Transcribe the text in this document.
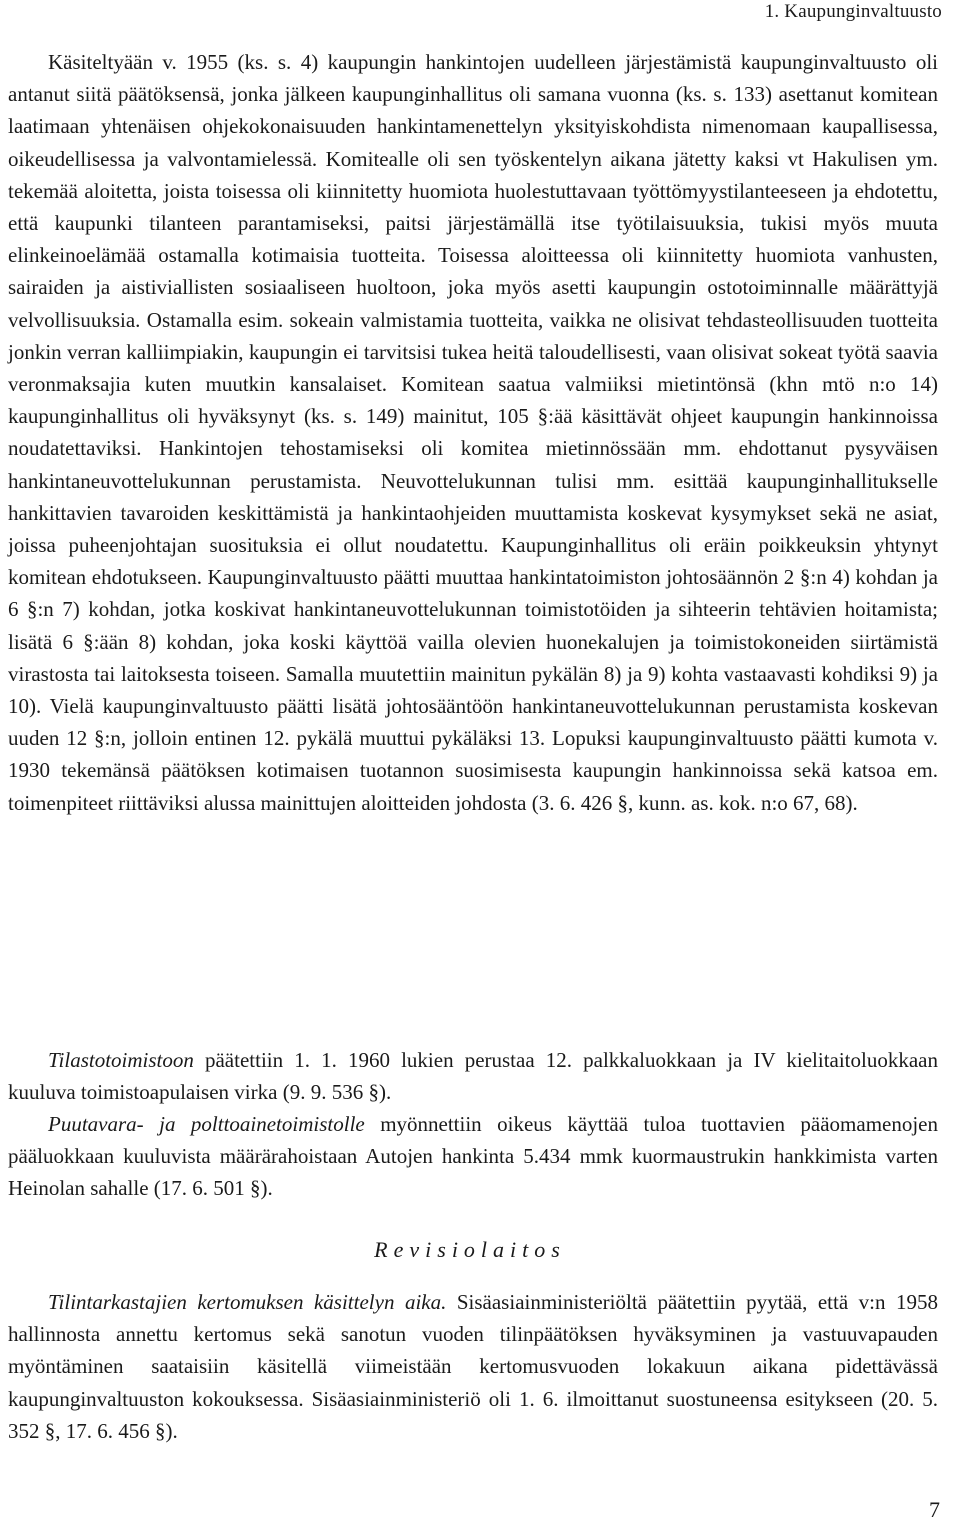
1. Kaupunginvaltuusto

Käsiteltyään v. 1955 (ks. s. 4) kaupungin hankintojen uudelleen järjestämistä kaupunginvaltuusto oli antanut siitä päätöksensä, jonka jälkeen kaupunginhallitus oli samana vuonna (ks. s. 133) asettanut komitean laatimaan yhtenäisen ohjekokonaisuuden hankintamenettelyn yksityiskohdista nimenomaan kaupallisessa, oikeudellisessa ja valvontamielessä. Komitealle oli sen työskentelyn aikana jätetty kaksi vt Hakulisen ym. tekemää aloitetta, joista toisessa oli kiinnitetty huomiota huolestuttavaan työttömyystilanteeseen ja ehdotettu, että kaupunki tilanteen parantamiseksi, paitsi järjestämällä itse työtilaisuuksia, tukisi myös muuta elinkeinoelämää ostamalla kotimaisia tuotteita. Toisessa aloitteessa oli kiinnitetty huomiota vanhusten, sairaiden ja aistiviallisten sosiaaliseen huoltoon, joka myös asetti kaupungin ostotoiminnalle määrättyjä velvollisuuksia. Ostamalla esim. sokeain valmistamia tuotteita, vaikka ne olisivat tehdasteollisuuden tuotteita jonkin verran kalliimpiakin, kaupungin ei tarvitsisi tukea heitä taloudellisesti, vaan olisivat sokeat työtä saavia veronmaksajia kuten muutkin kansalaiset. Komitean saatua valmiiksi mietintönsä (khn mtö n:o 14) kaupunginhallitus oli hyväksynyt (ks. s. 149) mainitut, 105 §:ää käsittävät ohjeet kaupungin hankinnoissa noudatettaviksi. Hankintojen tehostamiseksi oli komitea mietinnössään mm. ehdottanut pysyväisen hankintaneuvottelukunnan perustamista. Neuvottelukunnan tulisi mm. esittää kaupunginhallitukselle hankittavien tavaroiden keskittämistä ja hankintaohjeiden muuttamista koskevat kysymykset sekä ne asiat, joissa puheenjohtajan suosituksia ei ollut noudatettu. Kaupunginhallitus oli eräin poikkeuksin yhtynyt komitean ehdotukseen. Kaupunginvaltuusto päätti muuttaa hankintatoimiston johtosäännön 2 §:n 4) kohdan ja 6 §:n 7) kohdan, jotka koskivat hankintaneuvottelukunnan toimistotöiden ja sihteerin tehtävien hoitamista; lisätä 6 §:ään 8) kohdan, joka koski käyttöä vailla olevien huonekalujen ja toimistokoneiden siirtämistä virastosta tai laitoksesta toiseen. Samalla muutettiin mainitun pykälän 8) ja 9) kohta vastaavasti kohdiksi 9) ja 10). Vielä kaupunginvaltuusto päätti lisätä johtosääntöön hankintaneuvottelukunnan perustamista koskevan uuden 12 §:n, jolloin entinen 12. pykälä muuttui pykäläksi 13. Lopuksi kaupunginvaltuusto päätti kumota v. 1930 tekemänsä päätöksen kotimaisen tuotannon suosimisesta kaupungin hankinnoissa sekä katsoa em. toimenpiteet riittäviksi alussa mainittujen aloitteiden johdosta (3. 6. 426 §, kunn. as. kok. n:o 67, 68).

Tilastotoimistoon päätettiin 1. 1. 1960 lukien perustaa 12. palkkaluokkaan ja IV kielitaitoluokkaan kuuluva toimistoapulaisen virka (9. 9. 536 §).

Puutavara- ja polttoainetoimistolle myönnettiin oikeus käyttää tuloa tuottavien pääomamenojen pääluokkaan kuuluvista määrärahoistaan Autojen hankinta 5.434 mmk kuormaustrukin hankkimista varten Heinolan sahalle (17. 6. 501 §).

Revisiolaitos

Tilintarkastajien kertomuksen käsittelyn aika. Sisäasiainministeriöltä päätettiin pyytää, että v:n 1958 hallinnosta annettu kertomus sekä sanotun vuoden tilinpäätöksen hyväksyminen ja vastuuvapauden myöntäminen saataisiin käsitellä viimeistään kertomusvuoden lokakuun aikana pidettävässä kaupunginvaltuuston kokouksessa. Sisäasiainministeriö oli 1. 6. ilmoittanut suostuneensa esitykseen (20. 5. 352 §, 17. 6. 456 §).

7
